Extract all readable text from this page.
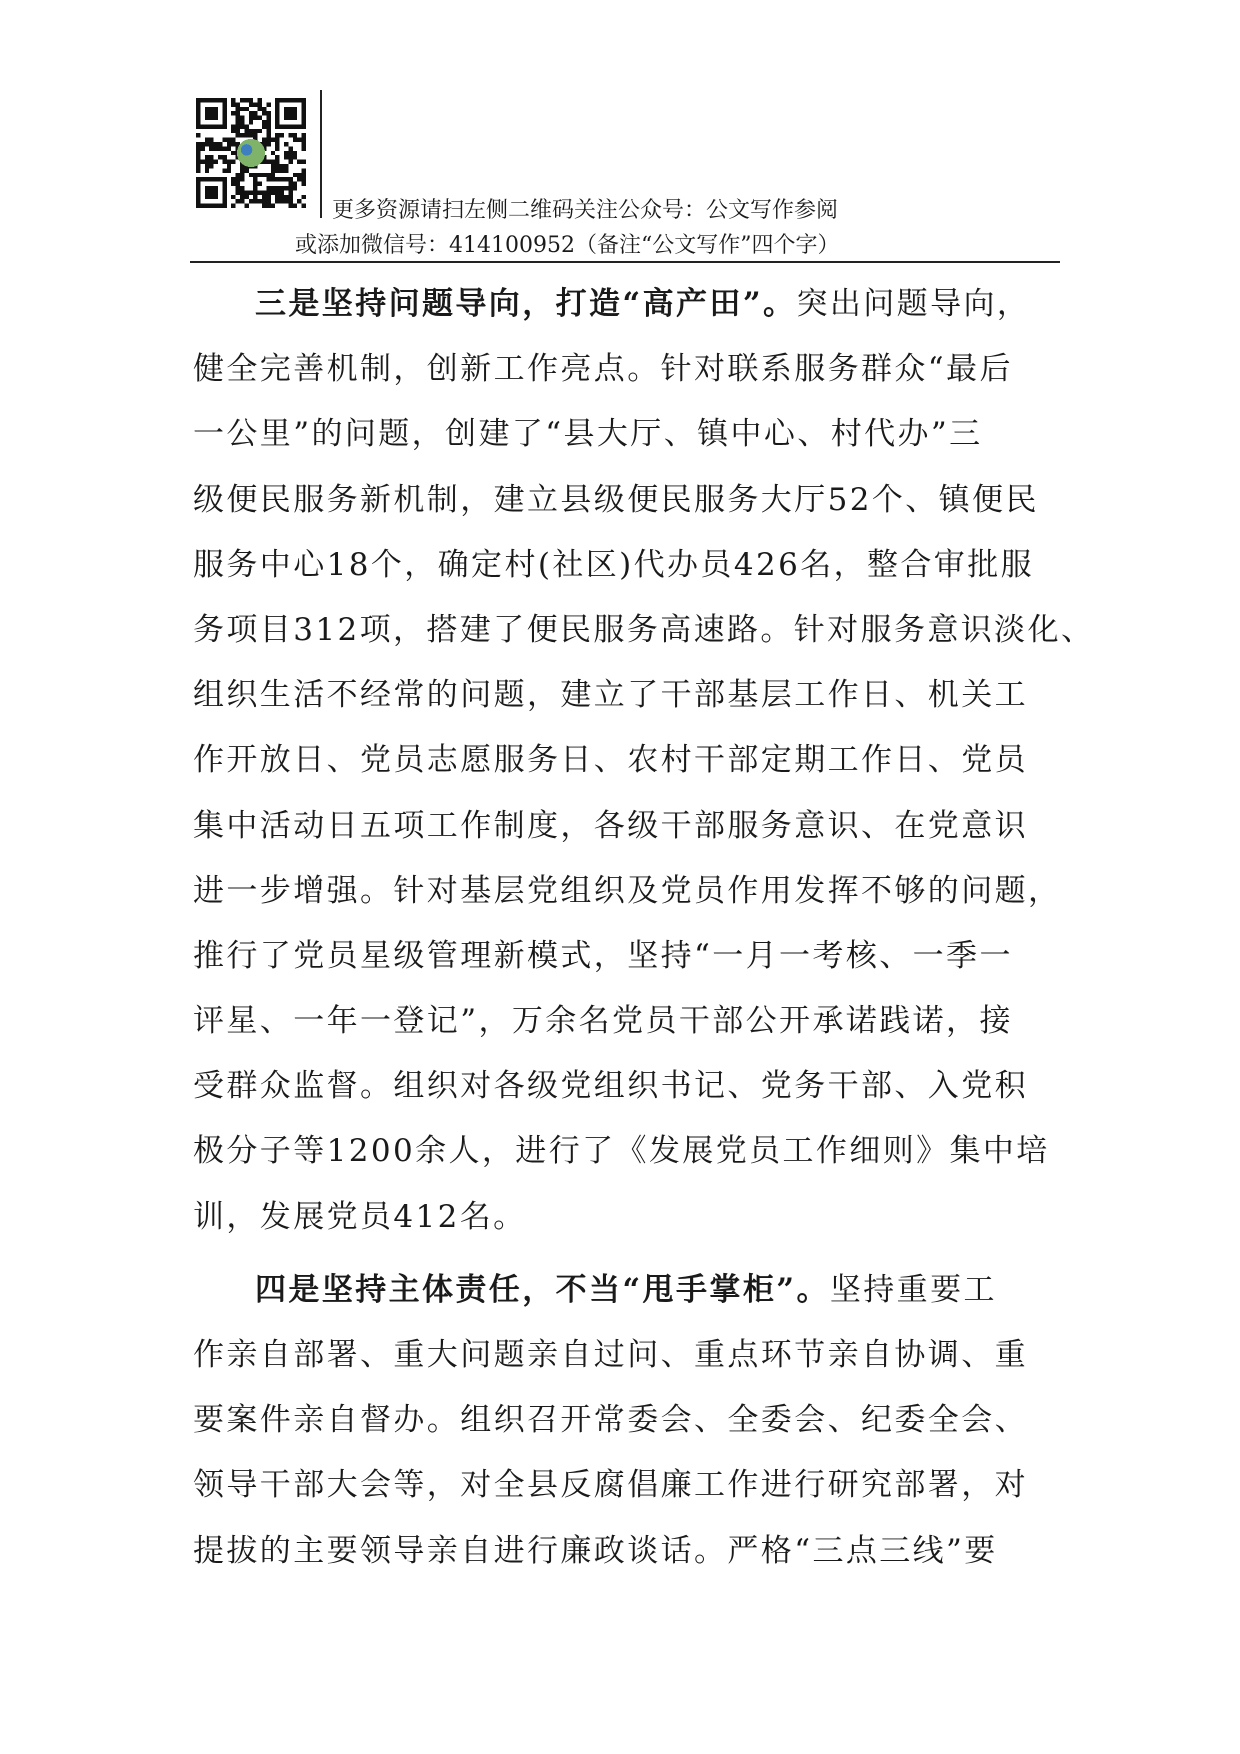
更多资源请扫左侧二维码关注公众号：公文写作参阅
或添加微信号：414100952（备注“公文写作”四个字）
三是坚持问题导向，打造“高产田”。突出问题导向，
健全完善机制，创新工作亮点。针对联系服务群众“最后
一公里”的问题，创建了“县大厅、镇中心、村代办”三
级便民服务新机制，建立县级便民服务大厅52个、镇便民
服务中心18个，确定村(社区)代办员426名，整合审批服
务项目312项，搭建了便民服务高速路。针对服务意识淡化、
组织生活不经常的问题，建立了干部基层工作日、机关工
作开放日、党员志愿服务日、农村干部定期工作日、党员
集中活动日五项工作制度，各级干部服务意识、在党意识
进一步增强。针对基层党组织及党员作用发挥不够的问题，
推行了党员星级管理新模式，坚持“一月一考核、一季一
评星、一年一登记”，万余名党员干部公开承诺践诺，接
受群众监督。组织对各级党组织书记、党务干部、入党积
极分子等1200余人，进行了《发展党员工作细则》集中培
训，发展党员412名。
四是坚持主体责任，不当“甩手掌柜”。坚持重要工
作亲自部署、重大问题亲自过问、重点环节亲自协调、重
要案件亲自督办。组织召开常委会、全委会、纪委全会、
领导干部大会等，对全县反腐倡廉工作进行研究部署，对
提拔的主要领导亲自进行廉政谈话。严格“三点三线”要
